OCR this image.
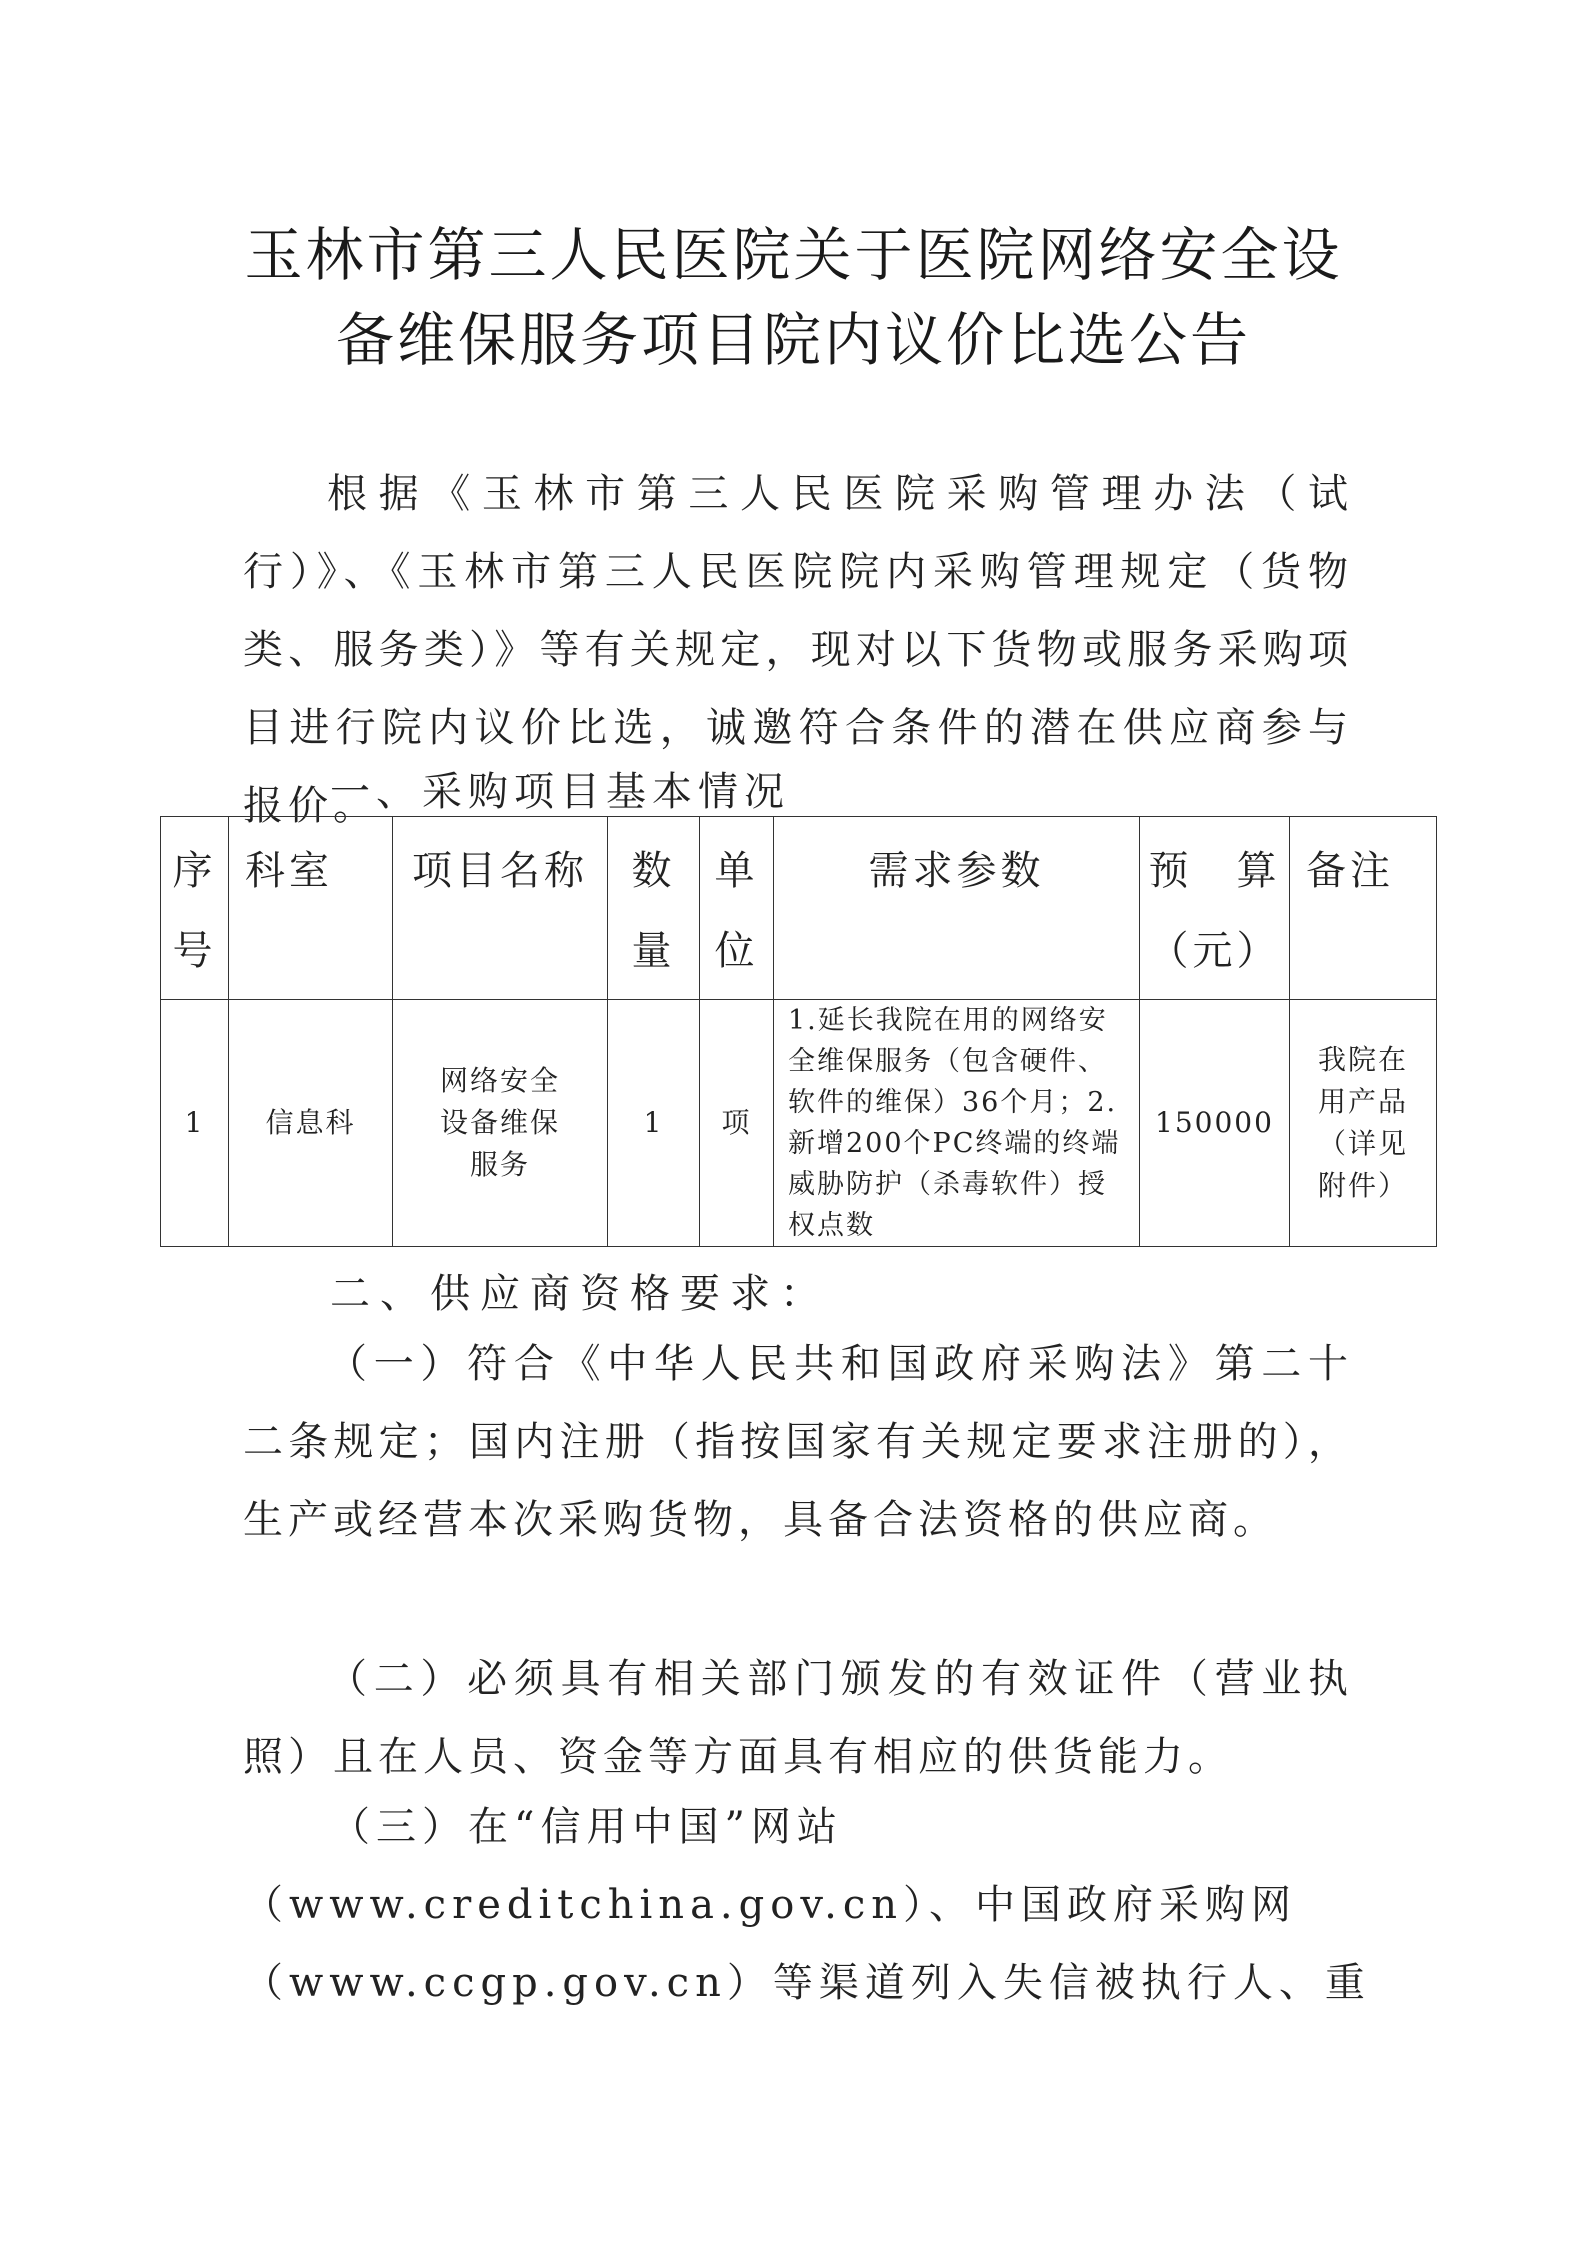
玉林市第三人民医院关于医院网络安全设
备维保服务项目院内议价比选公告

根据《玉林市第三人民医院采购管理办法（试行）》、《玉林市第三人民医院院内采购管理规定（货物类、服务类）》等有关规定，现对以下货物或服务采购项目进行院内议价比选，诚邀符合条件的潜在供应商参与报价。

一、采购项目基本情况
序号	科室	项目名称	数量	单位	需求参数	预　算（元）	备注
1	信息科	网络安全设备维保服务	1	项	1.延长我院在用的网络安全维保服务（包含硬件、软件的维保）36个月；2.新增200个PC终端的终端威胁防护（杀毒软件）授权点数	150000	我院在用产品（详见附件）
二、供应商资格要求：

（一）符合《中华人民共和国政府采购法》第二十二条规定；国内注册（指按国家有关规定要求注册的），生产或经营本次采购货物，具备合法资格的供应商。

（二）必须具有相关部门颁发的有效证件（营业执照）且在人员、资金等方面具有相应的供货能力。

（三）在“信用中国”网站
（www.creditchina.gov.cn）、中国政府采购网
（www.ccgp.gov.cn）等渠道列入失信被执行人、重
